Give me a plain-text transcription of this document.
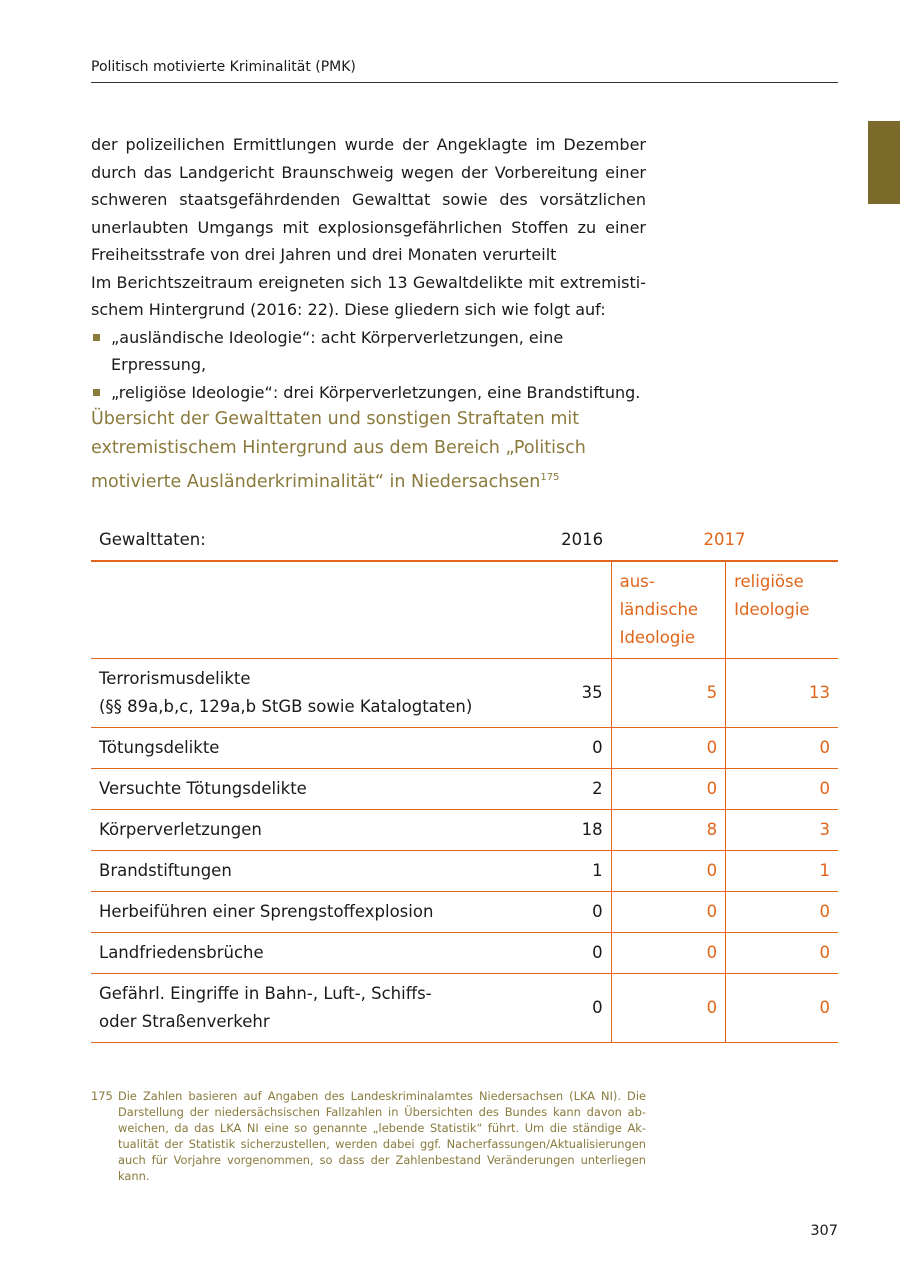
Politisch motivierte Kriminalität (PMK)

der polizeilichen Ermittlungen wurde der Angeklagte im Dezember durch das Landgericht Braunschweig wegen der Vorbereitung einer schweren staatsgefährdenden Gewalttat sowie des vorsätzlichen unerlaubten Umgangs mit explosionsgefährlichen Stoffen zu einer Freiheitsstrafe von drei Jahren und drei Monaten verurteilt

Im Berichtszeitraum ereigneten sich 13 Gewaltdelikte mit extremistischem Hintergrund (2016: 22). Diese gliedern sich wie folgt auf:

„ausländische Ideologie“: acht Körperverletzungen, eine Erpressung,
„religiöse Ideologie“: drei Körperverletzungen, eine Brandstiftung.
Übersicht der Gewalttaten und sonstigen Straftaten mit extremistischem Hintergrund aus dem Bereich „Politisch motivierte Ausländerkriminalität“ in Niedersachsen$^{175}$
Gewalttaten:	2016	2017	
		ausländische Ideologie	religiöse Ideologie

Terrorismusdelikte
(§§ 89a,b,c, 129a,b StGB sowie Katalogtaten)	35	5	13

Tötungsdelikte	0	0	0

Versuchte Tötungsdelikte	2	0	0

Körperverletzungen	18	8	3

Brandstiftungen	1	0	1

Herbeiführen einer Sprengstoffexplosion	0	0	0

Landfriedensbrüche	0	0	0

Gefährl. Eingriffe in Bahn-, Luft-, Schiffs-
oder Straßenverkehr	0	0	0
175 Die Zahlen basieren auf Angaben des Landeskriminalamtes Niedersachsen (LKA NI). Die Darstellung der niedersächsischen Fallzahlen in Übersichten des Bundes kann davon abweichen, da das LKA NI eine so genannte „lebende Statistik“ führt. Um die ständige Aktualität der Statistik sicherzustellen, werden dabei ggf. Nacherfassungen/Aktualisierungen auch für Vorjahre vorgenommen, so dass der Zahlenbestand Veränderungen unterliegen kann.
307
